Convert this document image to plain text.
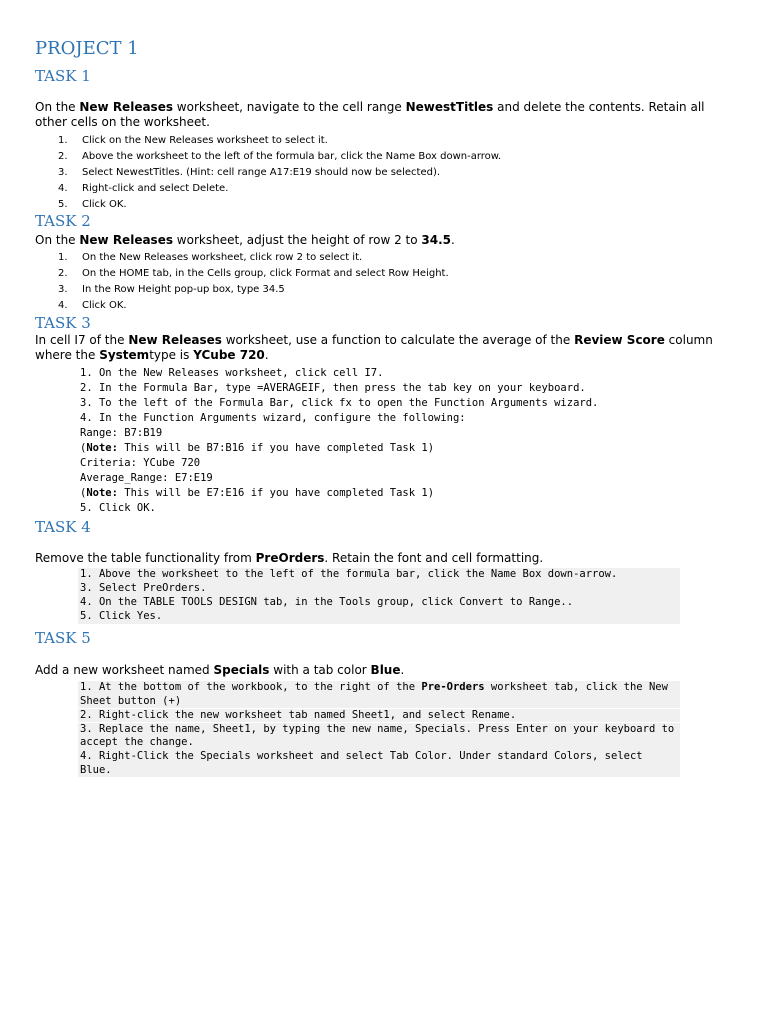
PROJECT 1
TASK 1
On the New Releases worksheet, navigate to the cell range NewestTitles and delete the contents. Retain all other cells on the worksheet.
1. Click on the New Releases worksheet to select it.
2. Above the worksheet to the left of the formula bar, click the Name Box down-arrow.
3. Select NewestTitles. (Hint: cell range A17:E19 should now be selected).
4. Right-click and select Delete.
5. Click OK.
TASK 2
On the New Releases worksheet, adjust the height of row 2 to 34.5.
1. On the New Releases worksheet, click row 2 to select it.
2. On the HOME tab, in the Cells group, click Format and select Row Height.
3. In the Row Height pop-up box, type 34.5
4. Click OK.
TASK 3
In cell I7 of the New Releases worksheet, use a function to calculate the average of the Review Score column where the Systemtype is YCube 720.
1. On the New Releases worksheet, click cell I7.
2. In the Formula Bar, type =AVERAGEIF, then press the tab key on your keyboard.
3. To the left of the Formula Bar, click fx to open the Function Arguments wizard.
4. In the Function Arguments wizard, configure the following:
Range: B7:B19
(Note: This will be B7:B16 if you have completed Task 1)
Criteria: YCube 720
Average_Range: E7:E19
(Note: This will be E7:E16 if you have completed Task 1)
5. Click OK.
TASK 4
Remove the table functionality from PreOrders. Retain the font and cell formatting.
1. Above the worksheet to the left of the formula bar, click the Name Box down-arrow.
3. Select PreOrders.
4. On the TABLE TOOLS DESIGN tab, in the Tools group, click Convert to Range..
5. Click Yes.
TASK 5
Add a new worksheet named Specials with a tab color Blue.
1. At the bottom of the workbook, to the right of the Pre-Orders worksheet tab, click the New Sheet button (+)
2. Right-click the new worksheet tab named Sheet1, and select Rename.
3. Replace the name, Sheet1, by typing the new name, Specials. Press Enter on your keyboard to accept the change.
4. Right-Click the Specials worksheet and select Tab Color. Under standard Colors, select Blue.
